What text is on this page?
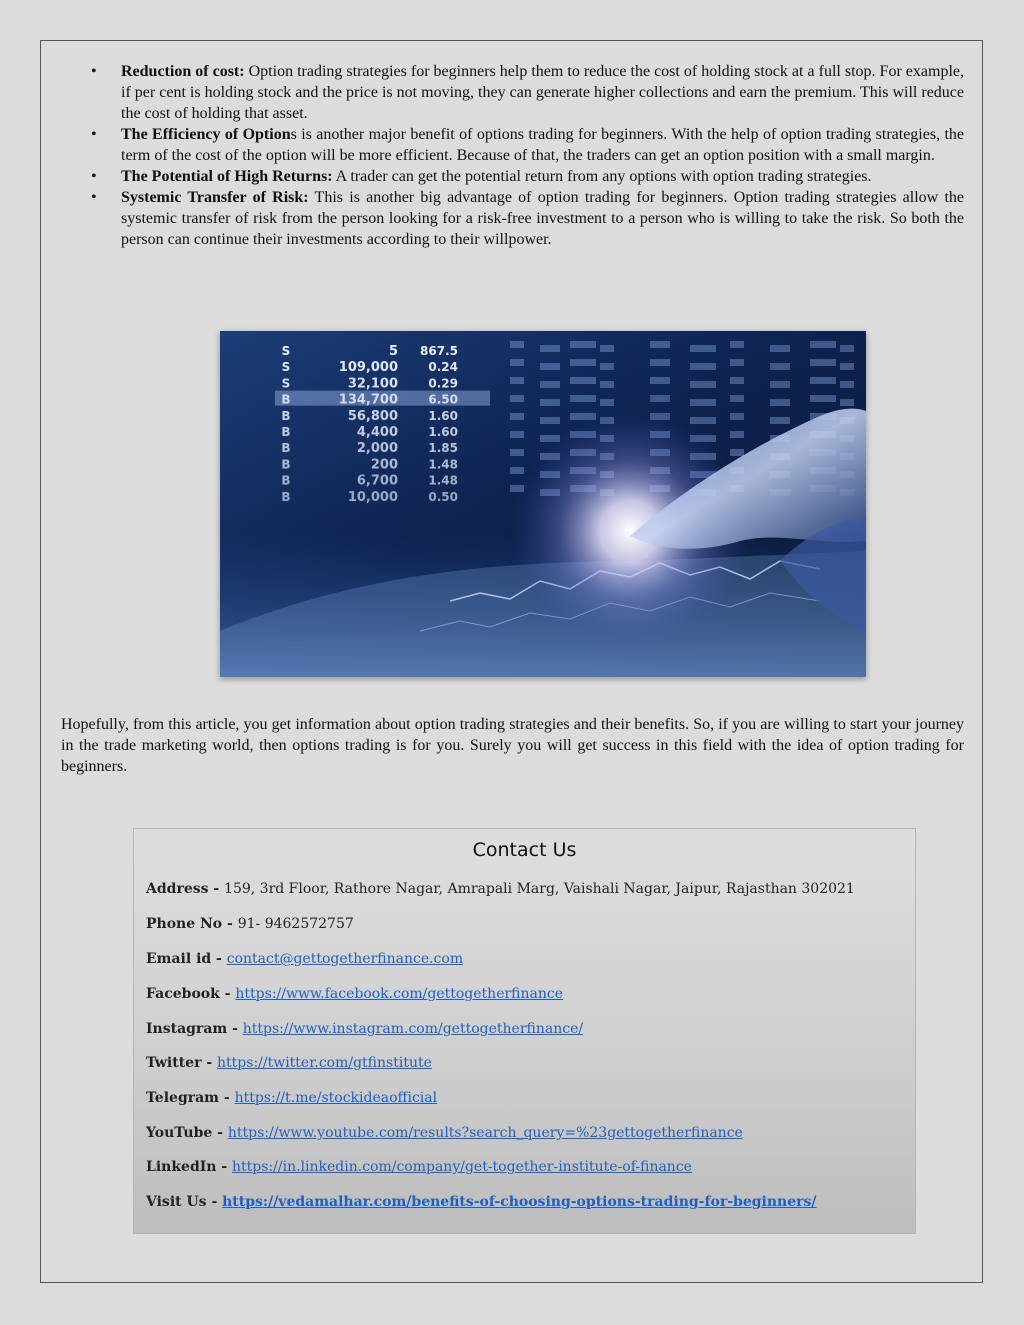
• Reduction of cost: Option trading strategies for beginners help them to reduce the cost of holding stock at a full stop. For example, if per cent is holding stock and the price is not moving, they can generate higher collections and earn the premium. This will reduce the cost of holding that asset.
• The Efficiency of Options is another major benefit of options trading for beginners. With the help of option trading strategies, the term of the cost of the option will be more efficient. Because of that, the traders can get an option position with a small margin.
• The Potential of High Returns: A trader can get the potential return from any options with option trading strategies.
• Systemic Transfer of Risk: This is another big advantage of option trading for beginners. Option trading strategies allow the systemic transfer of risk from the person looking for a risk-free investment to a person who is willing to take the risk. So both the person can continue their investments according to their willpower.
S	5 867.5
S	109,000	0.24
S	32,100	0.29
B	134,700	6.50
B	56,800	1.60
B	4,400	1.60
B	2,000	1.85
B	200	1.48
B	6,700	1.48
B	10,000	0.50

Hopefully, from this article, you get information about option trading strategies and their benefits. So, if you are willing to start your journey in the trade marketing world, then options trading is for you. Surely you will get success in this field with the idea of option trading for beginners.

Contact Us
Address - 159, 3rd Floor, Rathore Nagar, Amrapali Marg, Vaishali Nagar, Jaipur, Rajasthan 302021
Phone No - 91- 9462572757
Email id - contact@gettogetherfinance.com
Facebook - https://www.facebook.com/gettogetherfinance
Instagram - https://www.instagram.com/gettogetherfinance/
Twitter - https://twitter.com/gtfinstitute
Telegram - https://t.me/stockideaofficial
YouTube - https://www.youtube.com/results?search_query=%23gettogetherfinance
LinkedIn - https://in.linkedin.com/company/get-together-institute-of-finance
Visit Us - https://vedamalhar.com/benefits-of-choosing-options-trading-for-beginners/
